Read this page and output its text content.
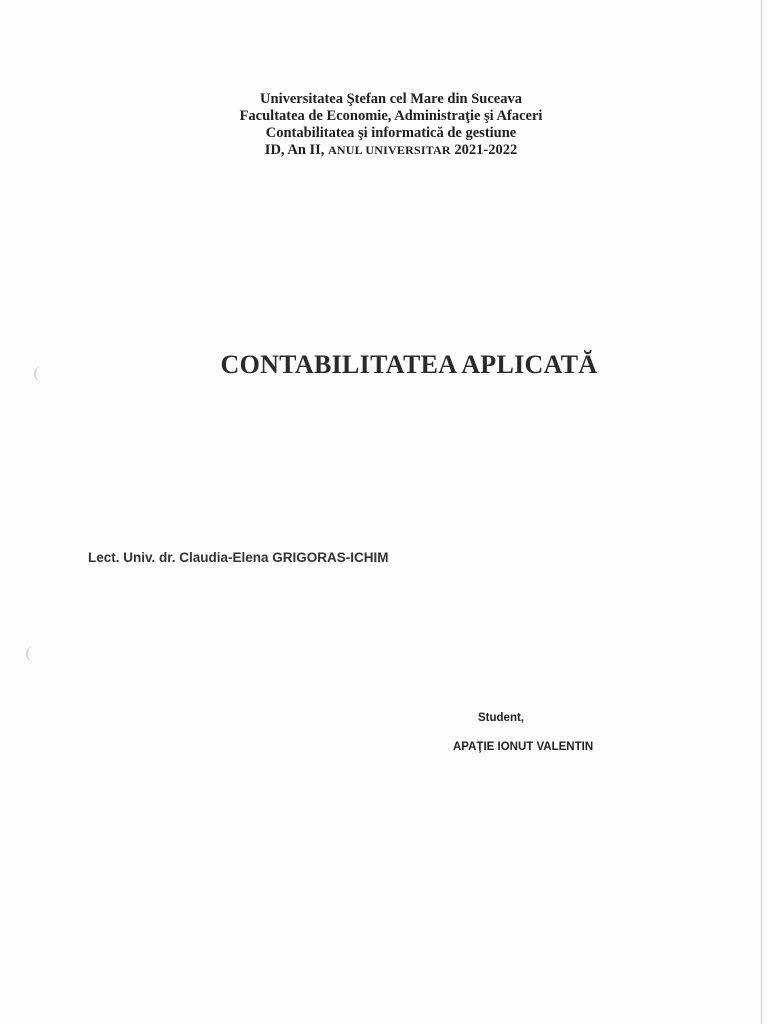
Universitatea Ştefan cel Mare din Suceava
Facultatea de Economie, Administraţie şi Afaceri
Contabilitatea şi informatică de gestiune
ID, An II, ANUL UNIVERSITAR 2021-2022
CONTABILITATEA APLICATĂ
Lect. Univ. dr. Claudia-Elena GRIGORAS-ICHIM
Student,
APAŢIE IONUT VALENTIN
